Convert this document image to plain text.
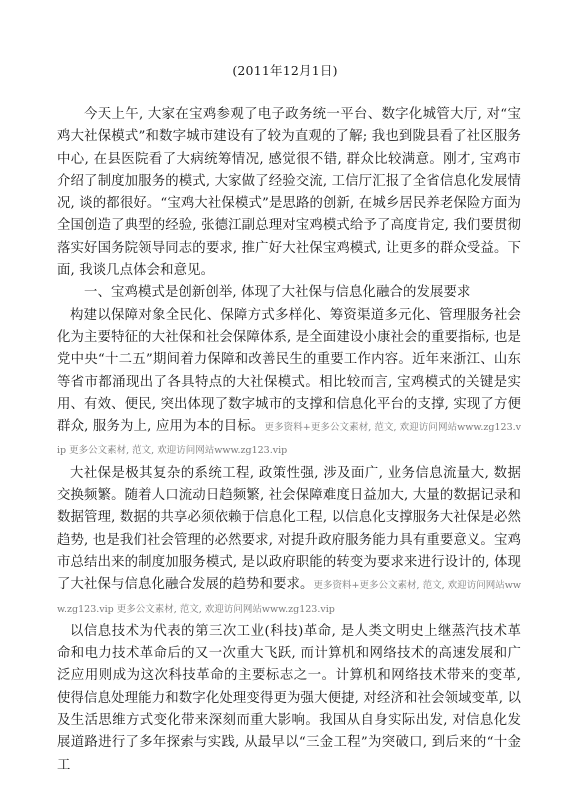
(2011年12月1日)

今天上午, 大家在宝鸡参观了电子政务统一平台、数字化城管大厅, 对“宝鸡大社保模式”和数字城市建设有了较为直观的了解; 我也到陇县看了社区服务中心, 在县医院看了大病统筹情况, 感觉很不错, 群众比较满意。刚才, 宝鸡市介绍了制度加服务的模式, 大家做了经验交流, 工信厅汇报了全省信息化发展情况, 谈的都很好。“宝鸡大社保模式”是思路的创新, 在城乡居民养老保险方面为全国创造了典型的经验, 张德江副总理对宝鸡模式给予了高度肯定, 我们要贯彻落实好国务院领导同志的要求, 推广好大社保宝鸡模式, 让更多的群众受益。下面, 我谈几点体会和意见。

一、宝鸡模式是创新创举, 体现了大社保与信息化融合的发展要求

构建以保障对象全民化、保障方式多样化、筹资渠道多元化、管理服务社会化为主要特征的大社保和社会保障体系, 是全面建设小康社会的重要指标, 也是党中央“十二五”期间着力保障和改善民生的重要工作内容。近年来浙江、山东等省市都涌现出了各具特点的大社保模式。相比较而言, 宝鸡模式的关键是实用、有效、便民, 突出体现了数字城市的支撑和信息化平台的支撑, 实现了方便群众, 服务为上, 应用为本的目标。更多资料+更多公文素材, 范文, 欢迎访问网站www.zg123.vip 更多公文素材, 范文, 欢迎访问网站www.zg123.vip

大社保是极其复杂的系统工程, 政策性强, 涉及面广, 业务信息流量大, 数据交换频繁。随着人口流动日趋频繁, 社会保障难度日益加大, 大量的数据记录和数据管理, 数据的共享必须依赖于信息化工程, 以信息化支撑服务大社保是必然趋势, 也是我们社会管理的必然要求, 对提升政府服务能力具有重要意义。宝鸡市总结出来的制度加服务模式, 是以政府职能的转变为要求来进行设计的, 体现了大社保与信息化融合发展的趋势和要求。更多资料+更多公文素材, 范文, 欢迎访问网站www.zg123.vip 更多公文素材, 范文, 欢迎访问网站www.zg123.vip

以信息技术为代表的第三次工业(科技)革命, 是人类文明史上继蒸汽技术革命和电力技术革命后的又一次重大飞跃, 而计算机和网络技术的高速发展和广泛应用则成为这次科技革命的主要标志之一。计算机和网络技术带来的变革, 使得信息处理能力和数字化处理变得更为强大便捷, 对经济和社会领域变革, 以及生活思维方式变化带来深刻而重大影响。我国从自身实际出发, 对信息化发展道路进行了多年探索与实践, 从最早以“三金工程”为突破口, 到后来的“十金工
